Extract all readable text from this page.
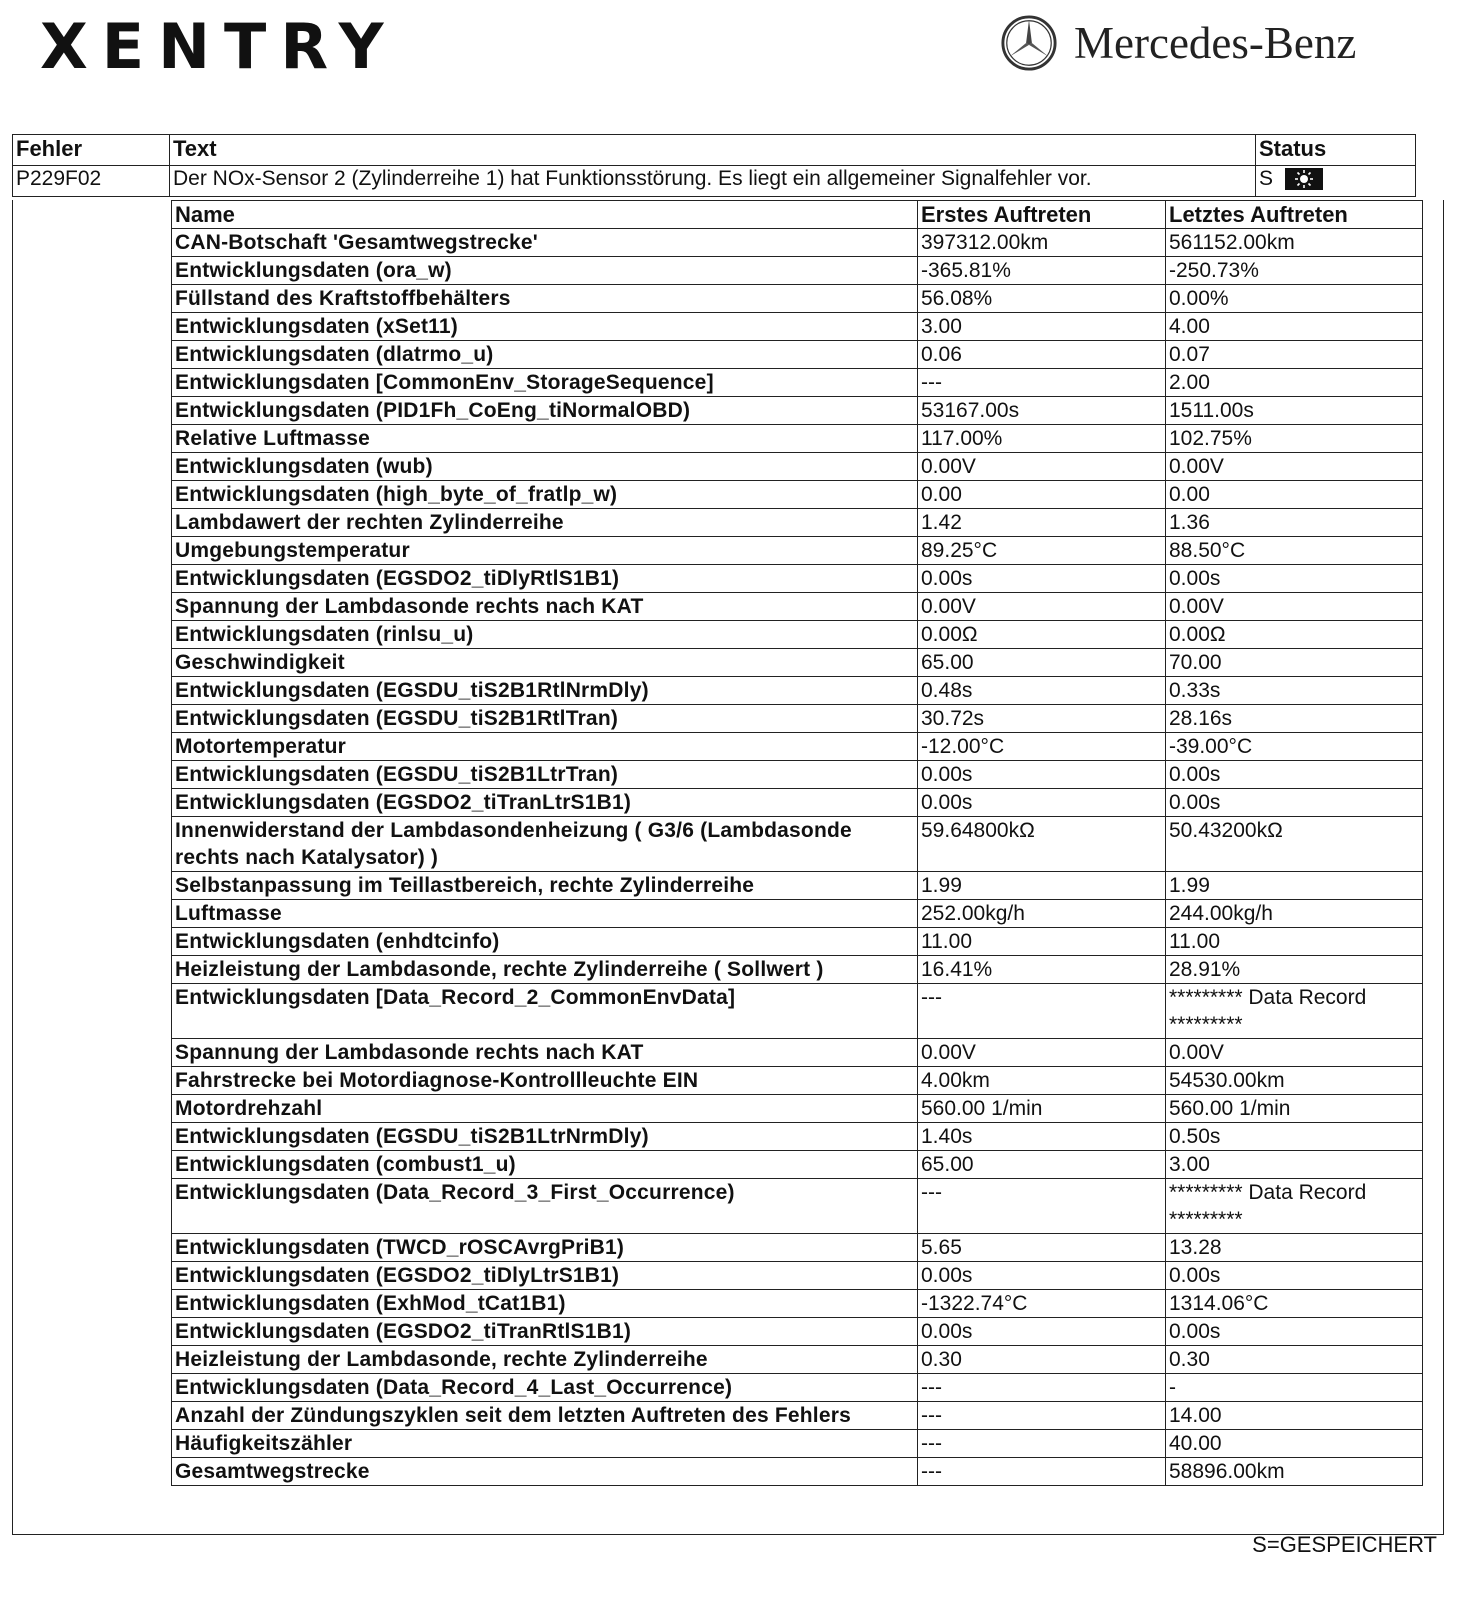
XENTRY	Mercedes-Benz
Fehler	Text	Status
P229F02	Der NOx-Sensor 2 (Zylinderreihe 1) hat Funktionsstörung. Es liegt ein allgemeiner Signalfehler vor.	S
Name	Erstes Auftreten	Letztes Auftreten
CAN-Botschaft 'Gesamtwegstrecke'	397312.00km	561152.00km
Entwicklungsdaten (ora_w)	-365.81%	-250.73%
Füllstand des Kraftstoffbehälters	56.08%	0.00%
Entwicklungsdaten (xSet11)	3.00	4.00
Entwicklungsdaten (dlatrmo_u)	0.06	0.07
Entwicklungsdaten [CommonEnv_StorageSequence]	---	2.00
Entwicklungsdaten (PID1Fh_CoEng_tiNormalOBD)	53167.00s	1511.00s
Relative Luftmasse	117.00%	102.75%
Entwicklungsdaten (wub)	0.00V	0.00V
Entwicklungsdaten (high_byte_of_fratlp_w)	0.00	0.00
Lambdawert der rechten Zylinderreihe	1.42	1.36
Umgebungstemperatur	89.25°C	88.50°C
Entwicklungsdaten (EGSDO2_tiDlyRtlS1B1)	0.00s	0.00s
Spannung der Lambdasonde rechts nach KAT	0.00V	0.00V
Entwicklungsdaten (rinlsu_u)	0.00Ω	0.00Ω
Geschwindigkeit	65.00	70.00
Entwicklungsdaten (EGSDU_tiS2B1RtlNrmDly)	0.48s	0.33s
Entwicklungsdaten (EGSDU_tiS2B1RtlTran)	30.72s	28.16s
Motortemperatur	-12.00°C	-39.00°C
Entwicklungsdaten (EGSDU_tiS2B1LtrTran)	0.00s	0.00s
Entwicklungsdaten (EGSDO2_tiTranLtrS1B1)	0.00s	0.00s
Innenwiderstand der Lambdasondenheizung ( G3/6 (Lambdasonde rechts nach Katalysator) )	59.64800kΩ	50.43200kΩ
Selbstanpassung im Teillastbereich, rechte Zylinderreihe	1.99	1.99
Luftmasse	252.00kg/h	244.00kg/h
Entwicklungsdaten (enhdtcinfo)	11.00	11.00
Heizleistung der Lambdasonde, rechte Zylinderreihe ( Sollwert )	16.41%	28.91%
Entwicklungsdaten [Data_Record_2_CommonEnvData]	---	********* Data Record *********
Spannung der Lambdasonde rechts nach KAT	0.00V	0.00V
Fahrstrecke bei Motordiagnose-Kontrollleuchte EIN	4.00km	54530.00km
Motordrehzahl	560.00 1/min	560.00 1/min
Entwicklungsdaten (EGSDU_tiS2B1LtrNrmDly)	1.40s	0.50s
Entwicklungsdaten (combust1_u)	65.00	3.00
Entwicklungsdaten (Data_Record_3_First_Occurrence)	---	********* Data Record *********
Entwicklungsdaten (TWCD_rOSCAvrgPriB1)	5.65	13.28
Entwicklungsdaten (EGSDO2_tiDlyLtrS1B1)	0.00s	0.00s
Entwicklungsdaten (ExhMod_tCat1B1)	-1322.74°C	1314.06°C
Entwicklungsdaten (EGSDO2_tiTranRtlS1B1)	0.00s	0.00s
Heizleistung der Lambdasonde, rechte Zylinderreihe	0.30	0.30
Entwicklungsdaten (Data_Record_4_Last_Occurrence)	---	-
Anzahl der Zündungszyklen seit dem letzten Auftreten des Fehlers	---	14.00
Häufigkeitszähler	---	40.00
Gesamtwegstrecke	---	58896.00km
S=GESPEICHERT
